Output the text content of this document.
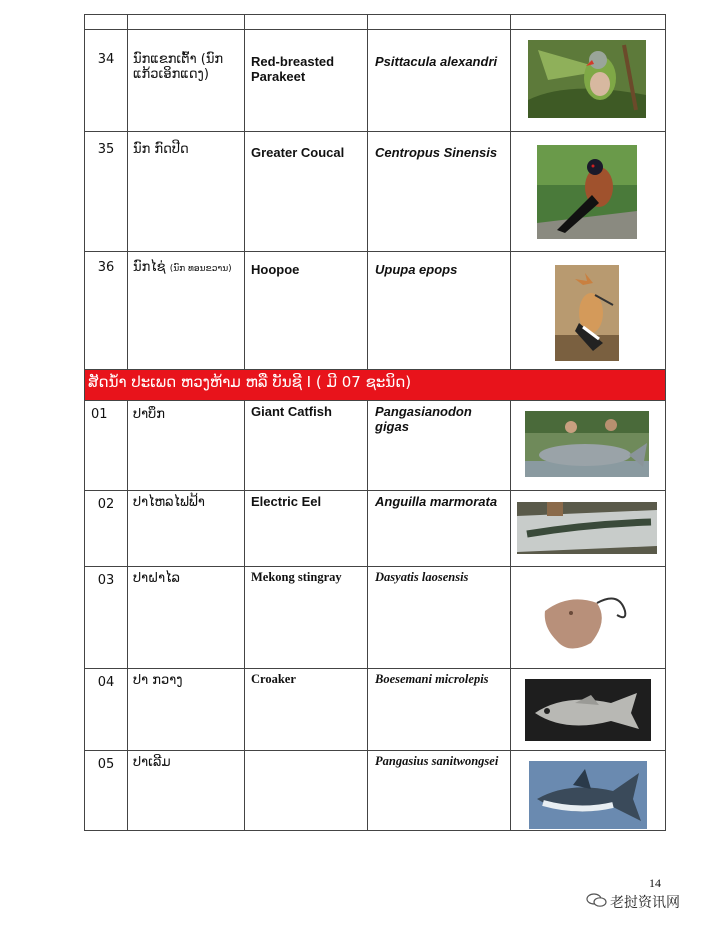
34	ນົກແຂກເຕົ້າ (ນົກແກ້ວເອິກແດງ)	Red-breasted Parakeet	Psittacula alexandri	

35	ນົກ ກົດປີດ	Greater Coucal	Centropus Sinensis	

36	ນົກໄຊ່ (ນົກ ທອນຂວານ)	Hoopoe	Upupa epops	

ສັດນ້ຳ ປະເພດ ຫວງຫ້າມ ຫລື ບັນຊີ I ( ມີ 07 ຊະນິດ)				
01	ປາບຶກ	Giant Catfish	Pangasianodon gigas	

02	ປາໄຫລໄຟຟ້າ	Electric Eel	Anguilla marmorata	

03	ປາຝາໄລ	Mekong stingray	Dasyatis laosensis	

04	ປາ ກວາງ	Croaker	Boesemani microlepis	

05	ປາເລີມ		Pangasius sanitwongsei	
14
老挝资讯网
